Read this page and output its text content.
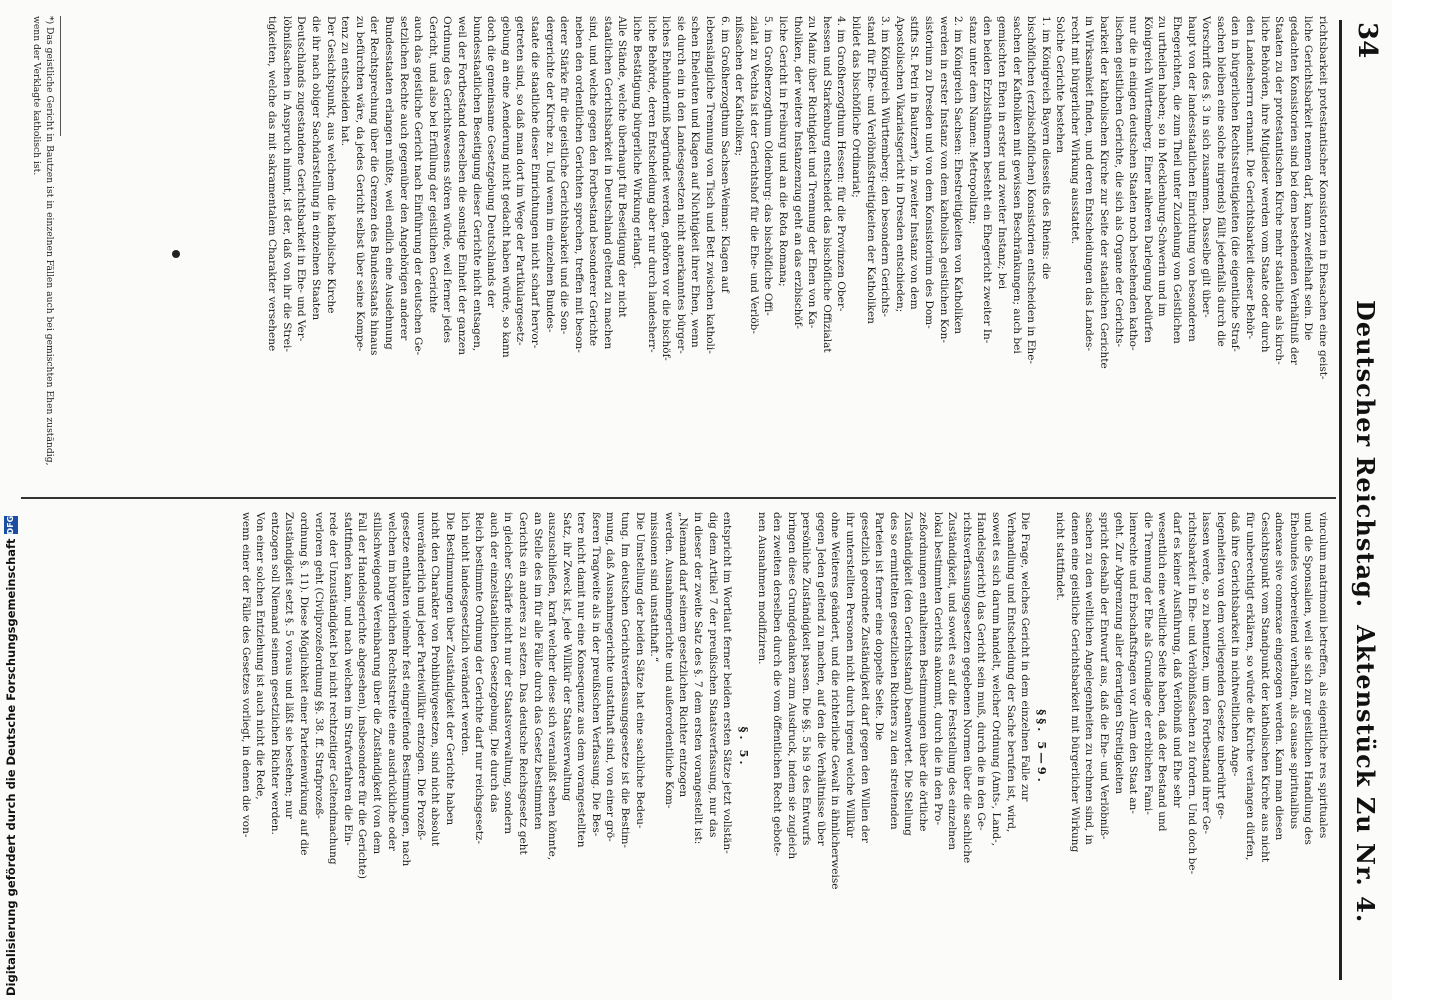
34
Deutscher Reichstag.
Aktenstück Zu Nr. 4.
richtsbarkeit protestantischer Konsistorien in Ehesachen eine geist-
liche Gerichtsbarkeit nennen darf, kann zweifelhaft sein. Die
gedachten Konsistorien sind bei dem bestehenden Verhältniß der
Staaten zu der protestantischen Kirche mehr staatliche als kirch-
liche Behörden, ihre Mitglieder werden vom Staate oder durch
den Landesherrn ernannt. Die Gerichtsbarkeit dieser Behör-
den in bürgerlichen Rechtsstreitigkeiten (die eigentliche Straf-
sachen bleiben eine solche nirgends) fällt jedenfalls durch die
Vorschrift des §. 3 in sich zusammen. Dasselbe gilt über-
haupt von der landesstaatlichen Einrichtung von besonderen
Ehegerichten, die zum Theil unter Zuziehung von Geistlichen
zu urtheilen haben; so in Mecklenburg-Schwerin und im
Königreich Württemberg. Einer näheren Darlegung bedürfen
nur die in einigen deutschen Staaten noch bestehenden katho-
lischen geistlichen Gerichte, die sich als Organe der Gerichts-
barkeit der katholischen Kirche zur Seite der staatlichen Gerichte
in Wirksamkeit finden, und deren Entscheidungen das Landes-
recht mit bürgerlicher Wirkung ausstattet.
Solche Gerichte bestehen
1. im Königreich Bayern diesseits des Rheins: die
bischöflichen (erzbischöflichen) Konsistorien entscheiden in Ehe-
sachen der Katholiken mit gewissen Beschränkungen; auch bei
gemischten Ehen in erster und zweiter Instanz; bei
den beiden Erzbisthümern besteht ein Ehegericht zweiter In-
stanz unter dem Namen: Metropolitan;
2. im Königreich Sachsen: Ehestreitigkeiten von Katholiken
werden in erster Instanz von dem katholisch geistlichen Kon-
sistorium zu Dresden und von dem Konsistorium des Dom-
stifts St. Petri in Bautzen*), in zweiter Instanz von dem
Apostolischen Vikariatsgericht in Dresden entschieden;
3. im Königreich Württemberg: den besondern Gerichts-
stand für Ehe- und Verlöbnißstreitigkeiten der Katholiken
bildet das bischöfliche Ordinariat;
4. im Großherzogthum Hessen: für die Provinzen Ober-
hessen und Starkenburg entscheidet das bischöfliche Offizialat
zu Mainz über Richtigkeit und Trennung der Ehen von Ka-
tholiken, der weitere Instanzenzug geht an das erzbischöf-
liche Gericht in Freiburg und an die Rota Romana;
5. im Großherzogthum Oldenburg: das bischöfliche Offi-
zialat zu Vechta ist der Gerichtshof für die Ehe- und Verlöb-
nißsachen der Katholiken;
6. im Großherzogthum Sachsen-Weimar: Klagen auf
lebenslängliche Trennung von Tisch und Bett zwischen katholi-
schen Eheleuten und Klagen auf Nichtigkeit ihrer Ehen, wenn
sie durch ein in den Landesgesetzen nicht anerkanntes bürger-
liches Ehehinderniß begründet werden, gehören vor die bischöf-
liche Behörde, deren Entscheidung aber nur durch landesherr-
liche Bestätigung bürgerliche Wirkung erlangt.
Alle Stände, welche überhaupt für Beseitigung der nicht
staatlichen Gerichtsbarkeit in Deutschland geltend zu machen
sind, und welche gegen den Fortbestand besonderer Gerichte
neben den ordentlichen Gerichten sprechen, treffen mit beson-
derer Stärke für die geistliche Gerichtsbarkeit und die Son-
dergerichte der Kirche zu. Und wenn im einzelnen Bundes-
staate die staatliche dieser Einrichtungen nicht scharf hervor-
getreten sind, so daß man dort im Wege der Partikulargesetz-
gebung an eine Aenderung nicht gedacht haben würde, so kann
doch die gemeinsame Gesetzgebung Deutschlands der
bundesstaatlichen Beseitigung dieser Gerichte nicht entsagen,
weil der Fortbestand derselben die sonstige Einheit der ganzen
Ordnung des Gerichtswesens stören würde, weil ferner jedes
Gericht, und also bei Erfüllung der geistlichen Gerichte
auch das geistliche Gericht nach Einführung der deutschen Ge-
setzlichen Rechte auch gegenüber den Angehörigen anderer
Bundesstaaten erlangen müßte, weil endlich eine Ausdehnung
der Rechtsprechung über die Grenzen des Bundesstaats hinaus
zu befürchten wäre, da jedes Gericht selbst über seine Kompe-
tenz zu entscheiden hat.
Der Gesichtspunkt, aus welchem die katholische Kirche
die ihr nach obiger Sachdarstellung in einzelnen Staaten
Deutschlands zugestandene Gerichtsbarkeit in Ehe- und Ver-
löbnißsachen in Anspruch nimmt, ist der, daß von ihr die Strei-
tigkeiten, welche das mit sakramentalem Charakter versehene
*) Das geistliche Gericht in Bautzen ist in einzelnen Fällen auch bei gemischten Ehen zuständig, wenn der Verklagte katholisch ist.
vinculum matrimonii betreffen, als eigentliche res spirituales
und die Sponsalien, weil sie sich zur geistlichen Handlung des
Ehebundes vorbereitend verhalten, als causae spiritualibus
adnexae sive connexae eingezogen werden. Kann man diesen
Gesichtspunkt vom Standpunkt der katholischen Kirche aus nicht
für unberechtigt erklären, so würde die Kirche verlangen dürfen,
daß ihre Gerichtsbarkeit in nichtweltlichen Ange-
legenheiten von dem vorliegenden Gesetze unberührt ge-
lassen werde, so zu benutzen, um den Fortbestand ihrer Ge-
richtsbarkeit in Ehe- und Verlöbnißsachen zu fordern. Und doch be-
darf es keiner Ausführung, daß Verlöbniß und Ehe sehr
wesentlich eine weltliche Seite haben, daß der Bestand und
die Trennung der Ehe als Grundlage der erblichen Fami-
lienrechte und Erbschaftsfragen vor Allem den Staat an-
geht. Zur Abgrenzung aller derartigen Streitigkeiten
spricht deshalb der Entwurf aus, daß die Ehe- und Verlöbniß-
sachen zu den weltlichen Angelegenheiten zu rechnen sind, in
denen eine geistliche Gerichtsbarkeit mit bürgerlicher Wirkung
nicht stattfindet.
§§. 5—9.
Die Frage, welches Gericht in dem einzelnen Falle zur
Verhandlung und Entscheidung der Sache berufen ist, wird,
soweit es sich darum handelt, welcher Ordnung (Amts-, Land-,
Handelsgericht) das Gericht sein muß, durch die in den Ge-
richtsverfassungsgesetzen gegebenen Normen über die sachliche
Zuständigkeit, und soweit es auf die Feststellung des einzelnen
lokal bestimmten Gerichts ankommt, durch die in den Pro-
zeßordnungen enthaltenen Bestimmungen über die örtliche
Zuständigkeit (den Gerichtsstand) beantwortet. Die Stellung
des so ermittelten gesetzlichen Richters zu den streitenden
Parteien ist ferner eine doppelte Seite. Die
gesetzlich geordnete Zuständigkeit darf gegen den Willen der
ihr unterstellten Personen nicht durch irgend welche Willkür
ohne Weiteres geändert, und die richterliche Gewalt in ähnlicherweise
gegen Jeden geltend zu machen, auf den die Verhältnisse über
persönliche Zuständigkeit passen. Die §§. 5 bis 9 des Entwurfs
bringen diese Grundgedanken zum Ausdruck, indem sie zugleich
den zweiten derselben durch die vom öffentlichen Recht gebote-
nen Ausnahmen modifiziren.
§. 5.
entspricht im Wortlaut ferner beiden ersten Sätze jetzt vollstän-
dig dem Artikel 7 der preußischen Staatsverfassung, nur das
in dieser der zweite Satz des §. 7 dem ersten vorangestellt ist:
„Niemand darf seinem gesetzlichen Richter entzogen
werden. Ausnahmegerichte und außerordentliche Kom-
missionen sind unstatthaft.“
Die Umstellung der beiden Sätze hat eine sachliche Bedeu-
tung. Im deutschen Gerichtsverfassungsgesetze ist die Bestim-
mung, daß Ausnahmegerichte unstatthaft sind, von einer grö-
ßeren Tragweite als in der preußischen Verfassung. Die Bes-
tere nicht damit nur eine Konsequenz aus dem vorangestellten
Satz, ihr Zweck ist, jede Willkür der Staatsverwaltung
auszuschließen, kraft welcher diese sich veranlaßt sehen könnte,
an Stelle des im für alle Fälle durch das Gesetz bestimmten
Gerichts ein anderes zu setzen. Das deutsche Reichsgesetz geht
in gleicher Schärfe nicht nur der Staatsverwaltung, sondern
auch der einzelstaatlichen Gesetzgebung. Die durch das
Reich bestimmte Ordnung der Gerichte darf nur reichsgesetz-
lich nicht landesgesetzlich verändert werden.
Die Bestimmungen über Zuständigkeit der Gerichte haben
nicht den Charakter von Prohibitivgesetzen, sind nicht absolut
unveränderlich und jeder Parteiwillkür entzogen. Die Prozeß-
gesetze enthalten vielmehr fest eingreifende Bestimmungen, nach
welchen im bürgerlichen Rechtsstreite eine ausdrückliche oder
stillschweigende Vereinbarung über die Zuständigkeit (von dem
Fall der Handelsgerichte abgesehen), insbesondere für die Gerichte)
stattfinden kann, und nach welchen im Strafverfahren die Ein-
rede der Unzuständigkeit bei nicht rechtzeitiger Geltendmachung
verloren geht (Civilprozeßordnung §§. 38. ff. Strafprozeß-
ordnung §. 11). Diese Möglichkeit einer Parteienwirkung auf die
Zuständigkeit setzt §. 5 voraus und läßt sie bestehen; nur
entzogen soll Niemand seinem gesetzlichen Richter werden.
Von einer solchen Entziehung ist auch nicht die Rede,
wenn einer der Fälle des Gesetzes vorliegt, in denen die von-
Digitalisierung gefördert durch die Deutsche Forschungsgemeinschaft
DFG
